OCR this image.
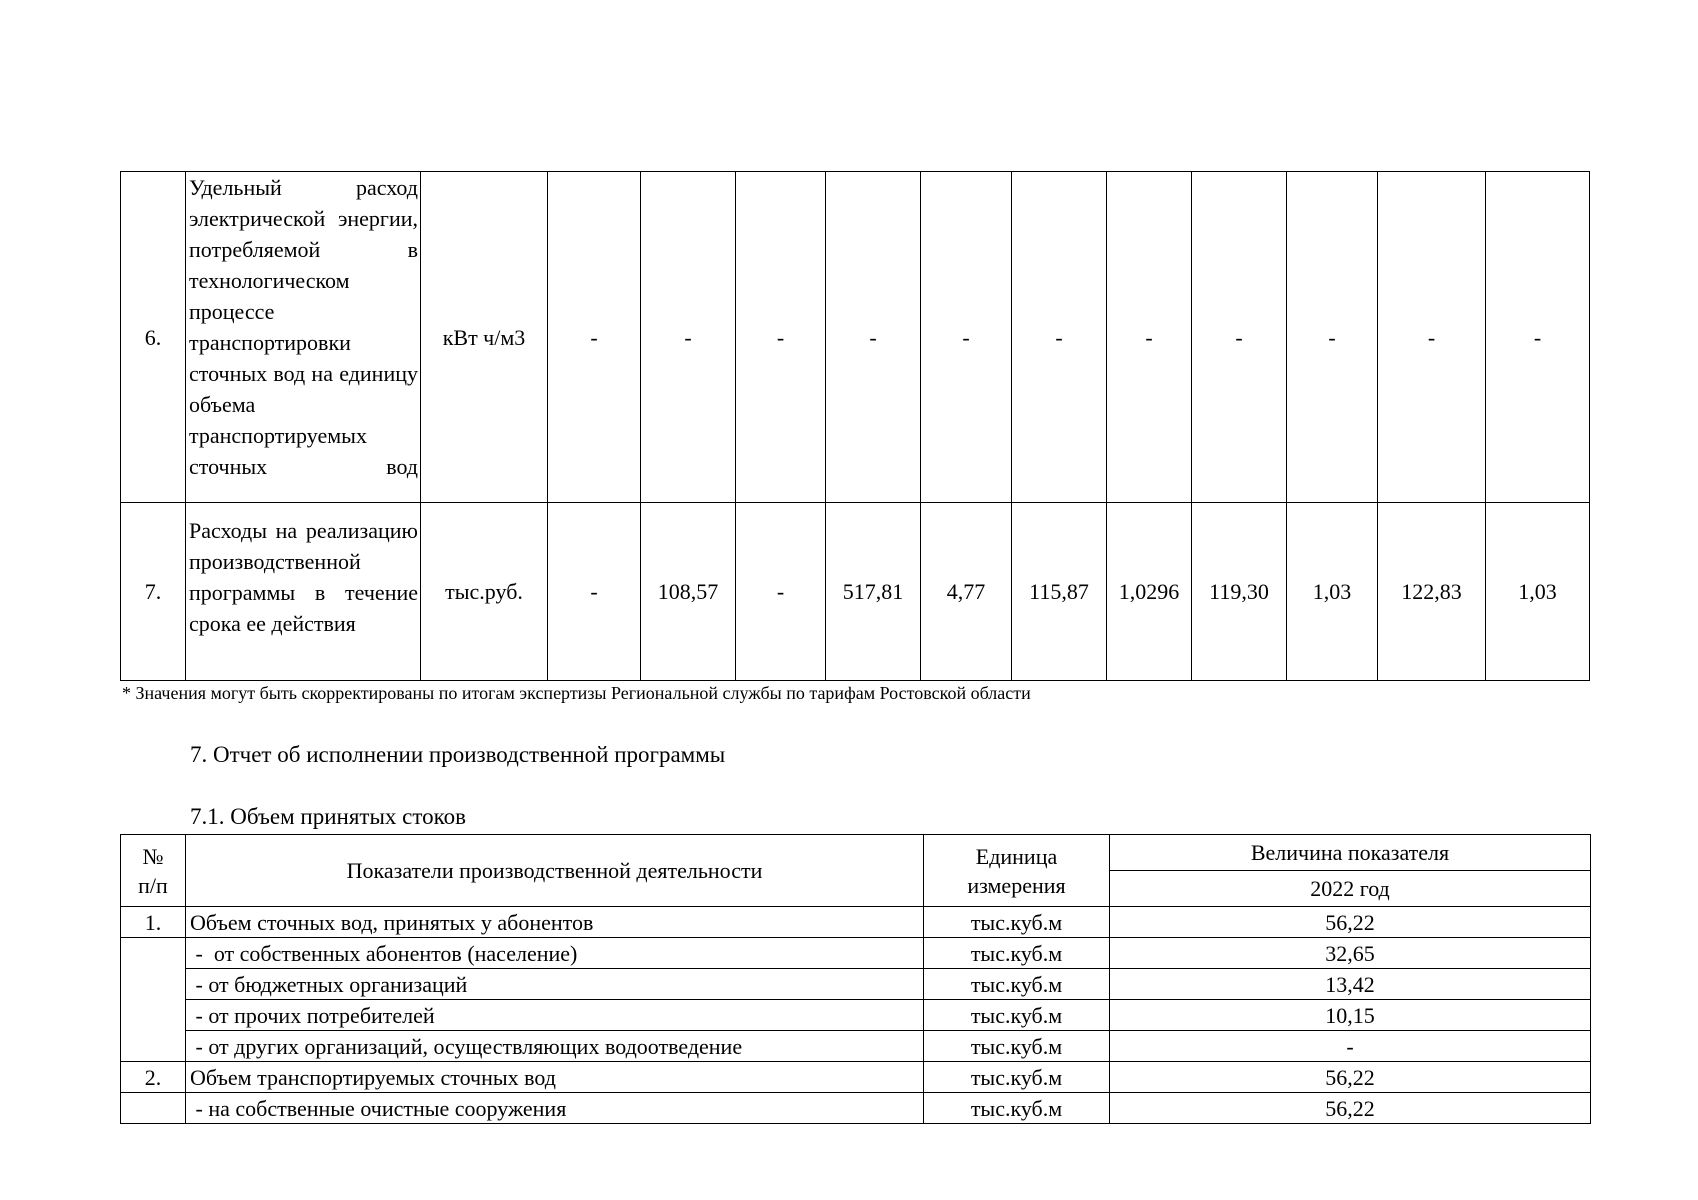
6.	Удельный расход электрической энергии, потребляемой в технологическом процессе транспортировки сточных вод на единицу объема транспортируемых сточных вод	кВт ч/м3	-	-	-	-	-	-	-	-	-	-	-
7.	Расходы на реализацию производственной программы в течение срока ее действия	тыс.руб.	-	108,57	-	517,81	4,77	115,87	1,0296	119,30	1,03	122,83	1,03
* Значения могут быть скорректированы по итогам экспертизы Региональной службы по тарифам Ростовской области
7. Отчет об исполнении производственной программы
7.1. Объем принятых стоков
№ п/п	Показатели производственной деятельности	Единица измерения	Величина показателя
			2022 год
1.	Объем сточных вод, принятых у абонентов	тыс.куб.м	56,22
	-  от собственных абонентов (население)	тыс.куб.м	32,65
	- от бюджетных организаций	тыс.куб.м	13,42
	- от прочих потребителей	тыс.куб.м	10,15
	- от других организаций, осуществляющих водоотведение	тыс.куб.м	-
2.	Объем транспортируемых сточных вод	тыс.куб.м	56,22
	- на собственные очистные сооружения	тыс.куб.м	56,22
